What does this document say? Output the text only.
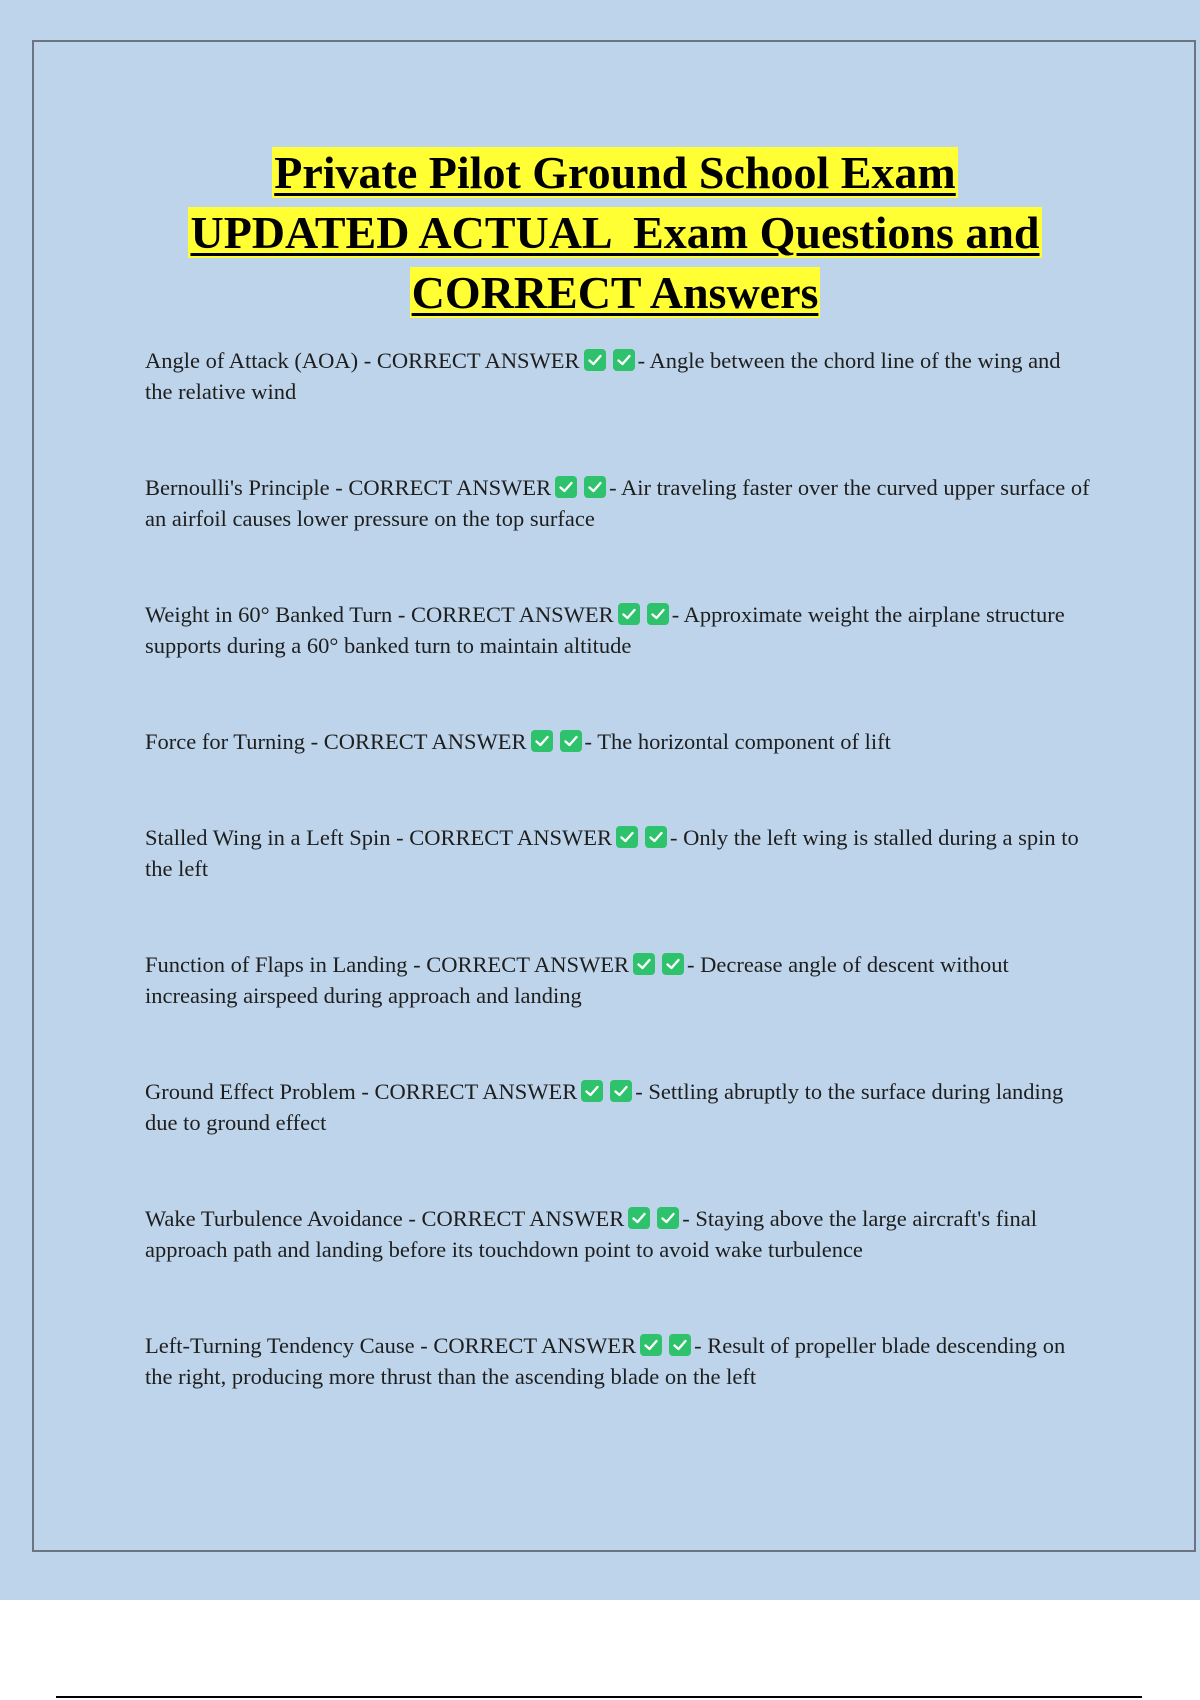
Private Pilot Ground School Exam
UPDATED ACTUAL  Exam Questions and
CORRECT Answers

Angle of Attack (AOA) - CORRECT ANSWER	- Angle between the chord line of the wing and the relative wind

Bernoulli's Principle - CORRECT ANSWER	- Air traveling faster over the curved upper surface of an airfoil causes lower pressure on the top surface

Weight in 60° Banked Turn - CORRECT ANSWER	- Approximate weight the airplane structure supports during a 60° banked turn to maintain altitude

Force for Turning - CORRECT ANSWER	- The horizontal component of lift

Stalled Wing in a Left Spin - CORRECT ANSWER	- Only the left wing is stalled during a spin to the left

Function of Flaps in Landing - CORRECT ANSWER	- Decrease angle of descent without increasing airspeed during approach and landing

Ground Effect Problem - CORRECT ANSWER	- Settling abruptly to the surface during landing due to ground effect

Wake Turbulence Avoidance - CORRECT ANSWER	- Staying above the large aircraft's final approach path and landing before its touchdown point to avoid wake turbulence

Left-Turning Tendency Cause - CORRECT ANSWER	- Result of propeller blade descending on the right, producing more thrust than the ascending blade on the left
